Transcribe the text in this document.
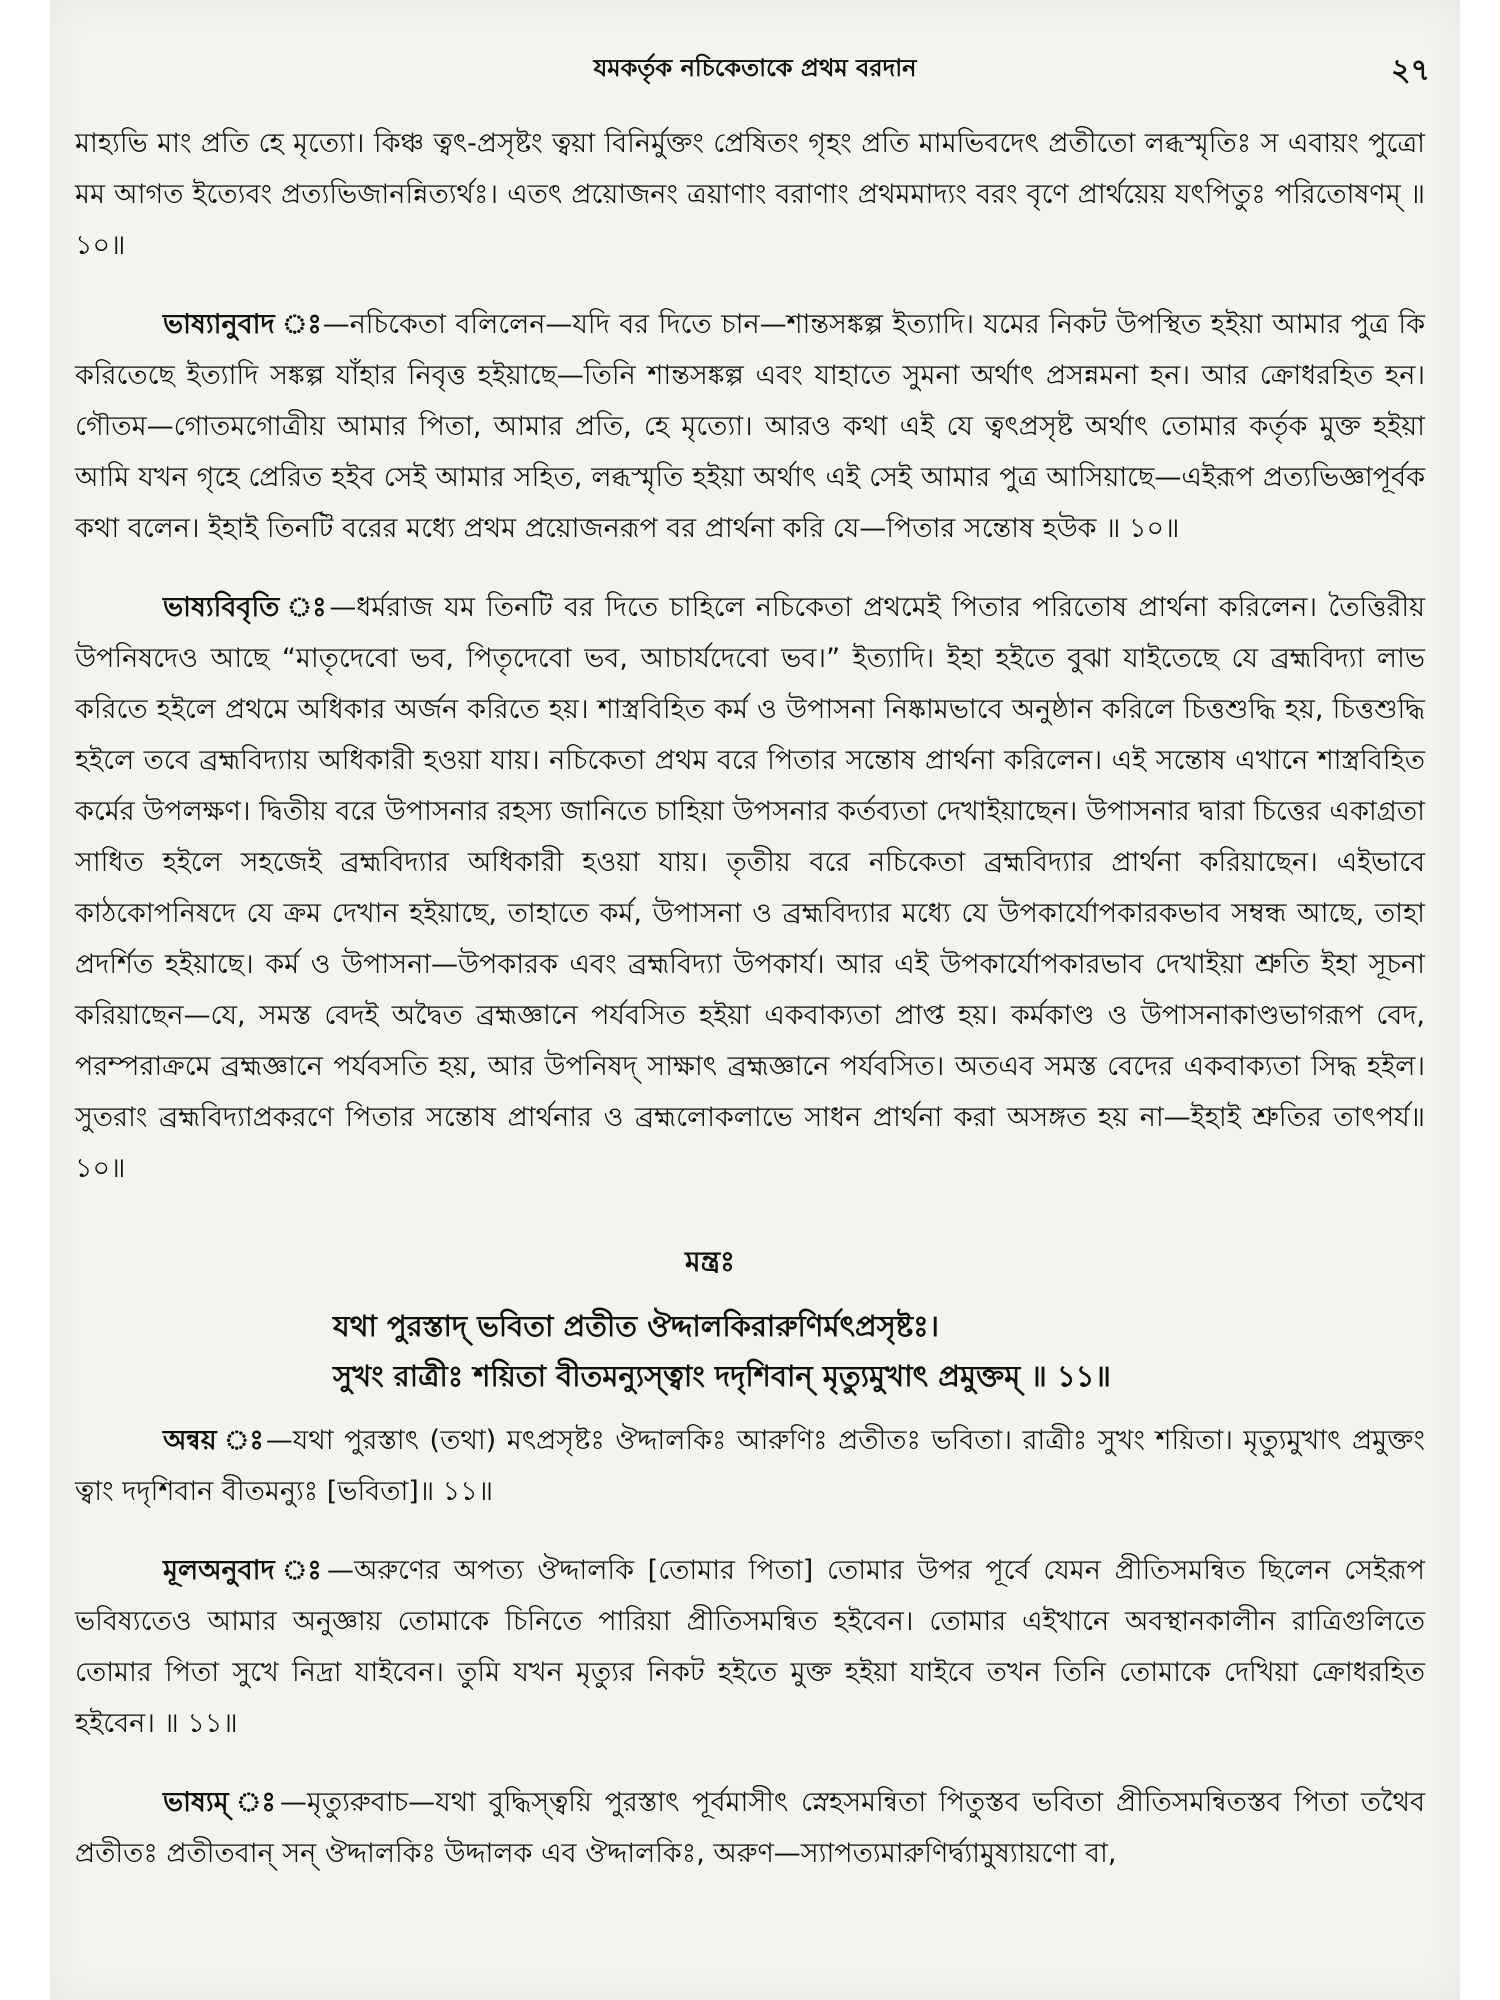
যমকর্তৃক নচিকেতাকে প্রথম বরদান	২৭

মাহ্যভি মাং প্রতি হে মৃত্যো। কিঞ্চ ত্বৎ-প্রসৃষ্টং ত্বয়া বিনির্মুক্তং প্রেষিতং গৃহং প্রতি মামভিবদেৎ প্রতীতো লব্ধস্মৃতিঃ স এবায়ং পুত্রো মম আগত ইত্যেবং প্রত্যভিজানন্নিত্যর্থঃ। এতৎ প্রয়োজনং ত্রয়াণাং বরাণাং প্রথমমাদ্যং বরং বৃণে প্রার্থয়েয় যৎপিতুঃ পরিতোষণম্ ॥ ১০॥

ভাষ্যানুবাদ ঃ—নচিকেতা বলিলেন—যদি বর দিতে চান—শান্তসঙ্কল্প ইত্যাদি। যমের নিকট উপস্থিত হইয়া আমার পুত্র কি করিতেছে ইত্যাদি সঙ্কল্প যাঁহার নিবৃত্ত হইয়াছে—তিনি শান্তসঙ্কল্প এবং যাহাতে সুমনা অর্থাৎ প্রসন্নমনা হন। আর ক্রোধরহিত হন। গৌতম—গোতমগোত্রীয় আমার পিতা, আমার প্রতি, হে মৃত্যো। আরও কথা এই যে ত্বৎপ্রসৃষ্ট অর্থাৎ তোমার কর্তৃক মুক্ত হইয়া আমি যখন গৃহে প্রেরিত হইব সেই আমার সহিত, লব্ধস্মৃতি হইয়া অর্থাৎ এই সেই আমার পুত্র আসিয়াছে—এইরূপ প্রত্যভিজ্ঞাপূর্বক কথা বলেন। ইহাই তিনটি বরের মধ্যে প্রথম প্রয়োজনরূপ বর প্রার্থনা করি যে—পিতার সন্তোষ হউক ॥ ১০॥

ভাষ্যবিবৃতি ঃ—ধর্মরাজ যম তিনটি বর দিতে চাহিলে নচিকেতা প্রথমেই পিতার পরিতোষ প্রার্থনা করিলেন। তৈত্তিরীয় উপনিষদেও আছে “মাতৃদেবো ভব, পিতৃদেবো ভব, আচার্যদেবো ভব।” ইত্যাদি। ইহা হইতে বুঝা যাইতেছে যে ব্রহ্মবিদ্যা লাভ করিতে হইলে প্রথমে অধিকার অর্জন করিতে হয়। শাস্ত্রবিহিত কর্ম ও উপাসনা নিষ্কামভাবে অনুষ্ঠান করিলে চিত্তশুদ্ধি হয়, চিত্তশুদ্ধি হইলে তবে ব্রহ্মবিদ্যায় অধিকারী হওয়া যায়। নচিকেতা প্রথম বরে পিতার সন্তোষ প্রার্থনা করিলেন। এই সন্তোষ এখানে শাস্ত্রবিহিত কর্মের উপলক্ষণ। দ্বিতীয় বরে উপাসনার রহস্য জানিতে চাহিয়া উপসনার কর্তব্যতা দেখাইয়াছেন। উপাসনার দ্বারা চিত্তের একাগ্রতা সাধিত হইলে সহজেই ব্রহ্মবিদ্যার অধিকারী হওয়া যায়। তৃতীয় বরে নচিকেতা ব্রহ্মবিদ্যার প্রার্থনা করিয়াছেন। এইভাবে কাঠকোপনিষদে যে ক্রম দেখান হইয়াছে, তাহাতে কর্ম, উপাসনা ও ব্রহ্মবিদ্যার মধ্যে যে উপকার্যোপকারকভাব সম্বন্ধ আছে, তাহা প্রদর্শিত হইয়াছে। কর্ম ও উপাসনা—উপকারক এবং ব্রহ্মবিদ্যা উপকার্য। আর এই উপকার্যোপকারভাব দেখাইয়া শ্রুতি ইহা সূচনা করিয়াছেন—যে, সমস্ত বেদই অদ্বৈত ব্রহ্মজ্ঞানে পর্যবসিত হইয়া একবাক্যতা প্রাপ্ত হয়। কর্মকাণ্ড ও উপাসনাকাণ্ডভাগরূপ বেদ, পরম্পরাক্রমে ব্রহ্মজ্ঞানে পর্যবসতি হয়, আর উপনিষদ্ সাক্ষাৎ ব্রহ্মজ্ঞানে পর্যবসিত। অতএব সমস্ত বেদের একবাক্যতা সিদ্ধ হইল। সুতরাং ব্রহ্মবিদ্যাপ্রকরণে পিতার সন্তোষ প্রার্থনার ও ব্রহ্মলোকলাভে সাধন প্রার্থনা করা অসঙ্গত হয় না—ইহাই শ্রুতির তাৎপর্য॥ ১০॥

মন্ত্রঃ
যথা পুরস্তাদ্ ভবিতা প্রতীত ঔদ্দালকিরারুণির্মৎপ্রসৃষ্টঃ।
সুখং রাত্রীঃ শয়িতা বীতমন্যুস্ত্বাং দদৃশিবান্ মৃত্যুমুখাৎ প্রমুক্তম্ ॥ ১১॥

অন্বয় ঃ—যথা পুরস্তাৎ (তথা) মৎপ্রসৃষ্টঃ ঔদ্দালকিঃ আরুণিঃ প্রতীতঃ ভবিতা। রাত্রীঃ সুখং শয়িতা। মৃত্যুমুখাৎ প্রমুক্তং ত্বাং দদৃশিবান বীতমন্যুঃ [ভবিতা]॥ ১১॥

মূলঅনুবাদ ঃ—অরুণের অপত্য ঔদ্দালকি [তোমার পিতা] তোমার উপর পূর্বে যেমন প্রীতিসমন্বিত ছিলেন সেইরূপ ভবিষ্যতেও আমার অনুজ্ঞায় তোমাকে চিনিতে পারিয়া প্রীতিসমন্বিত হইবেন। তোমার এইখানে অবস্থানকালীন রাত্রিগুলিতে তোমার পিতা সুখে নিদ্রা যাইবেন। তুমি যখন মৃত্যুর নিকট হইতে মুক্ত হইয়া যাইবে তখন তিনি তোমাকে দেখিয়া ক্রোধরহিত হইবেন। ॥ ১১॥

ভাষ্যম্ ঃ—মৃত্যুরুবাচ—যথা বুদ্ধিস্ত্বয়ি পুরস্তাৎ পূর্বমাসীৎ স্নেহসমন্বিতা পিতুস্তব ভবিতা প্রীতিসমন্বিতস্তব পিতা তথৈব প্রতীতঃ প্রতীতবান্ সন্ ঔদ্দালকিঃ উদ্দালক এব ঔদ্দালকিঃ, অরুণ—স্যাপত্যমারুণির্দ্ব্যামুষ্যায়ণো বা,
